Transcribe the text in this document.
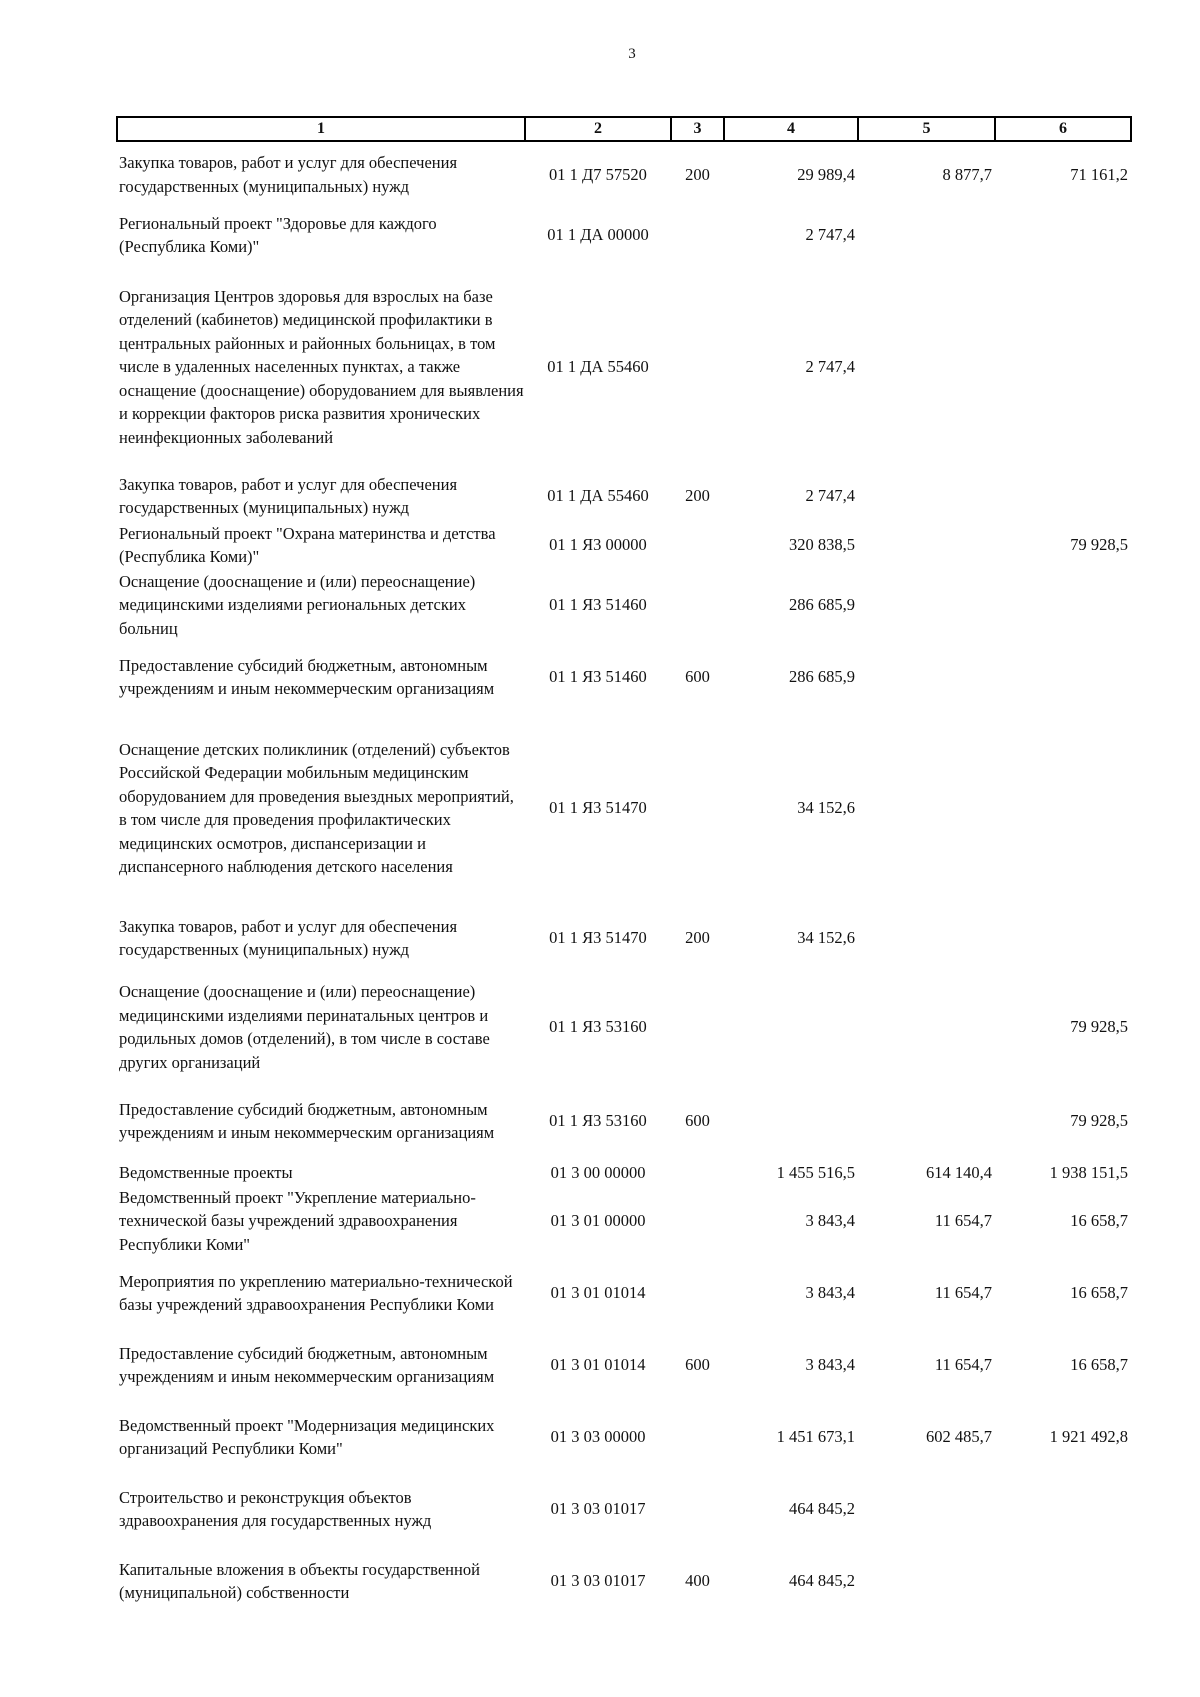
3
1	2	3	4	5	6
Закупка товаров, работ и услуг для обеспечения государственных (муниципальных) нужд	01 1 Д7 57520	200	29 989,4	8 877,7	71 161,2
Региональный проект "Здоровье для каждого (Республика Коми)"	01 1 ДА 00000		2 747,4		
Организация Центров здоровья для взрослых на базе отделений (кабинетов) медицинской профилактики в центральных районных и районных больницах, в том числе в удаленных населенных пунктах, а также оснащение (дооснащение) оборудованием для выявления и коррекции факторов риска развития хронических неинфекционных заболеваний	01 1 ДА 55460		2 747,4		
Закупка товаров, работ и услуг для обеспечения государственных (муниципальных) нужд	01 1 ДА 55460	200	2 747,4		
Региональный проект "Охрана материнства и детства (Республика Коми)"	01 1 Я3 00000		320 838,5		79 928,5
Оснащение (дооснащение и (или) переоснащение) медицинскими изделиями региональных детских больниц	01 1 Я3 51460		286 685,9		
Предоставление субсидий бюджетным, автономным учреждениям и иным некоммерческим организациям	01 1 Я3 51460	600	286 685,9		
Оснащение детских поликлиник (отделений) субъектов Российской Федерации мобильным медицинским оборудованием для проведения выездных мероприятий, в том числе для проведения профилактических медицинских осмотров, диспансеризации и диспансерного наблюдения детского населения	01 1 Я3 51470		34 152,6		
Закупка товаров, работ и услуг для обеспечения государственных (муниципальных) нужд	01 1 Я3 51470	200	34 152,6		
Оснащение (дооснащение и (или) переоснащение) медицинскими изделиями перинатальных центров и родильных домов (отделений), в том числе в составе других организаций	01 1 Я3 53160				79 928,5
Предоставление субсидий бюджетным, автономным учреждениям и иным некоммерческим организациям	01 1 Я3 53160	600			79 928,5
Ведомственные проекты	01 3 00 00000		1 455 516,5	614 140,4	1 938 151,5
Ведомственный проект "Укрепление материально-технической базы учреждений здравоохранения Республики Коми"	01 3 01 00000		3 843,4	11 654,7	16 658,7
Мероприятия по укреплению материально-технической базы учреждений здравоохранения Республики Коми	01 3 01 01014		3 843,4	11 654,7	16 658,7
Предоставление субсидий бюджетным, автономным учреждениям и иным некоммерческим организациям	01 3 01 01014	600	3 843,4	11 654,7	16 658,7
Ведомственный проект "Модернизация медицинских организаций Республики Коми"	01 3 03 00000		1 451 673,1	602 485,7	1 921 492,8
Строительство и реконструкция объектов здравоохранения для государственных нужд	01 3 03 01017		464 845,2		
Капитальные вложения в объекты государственной (муниципальной) собственности	01 3 03 01017	400	464 845,2		
